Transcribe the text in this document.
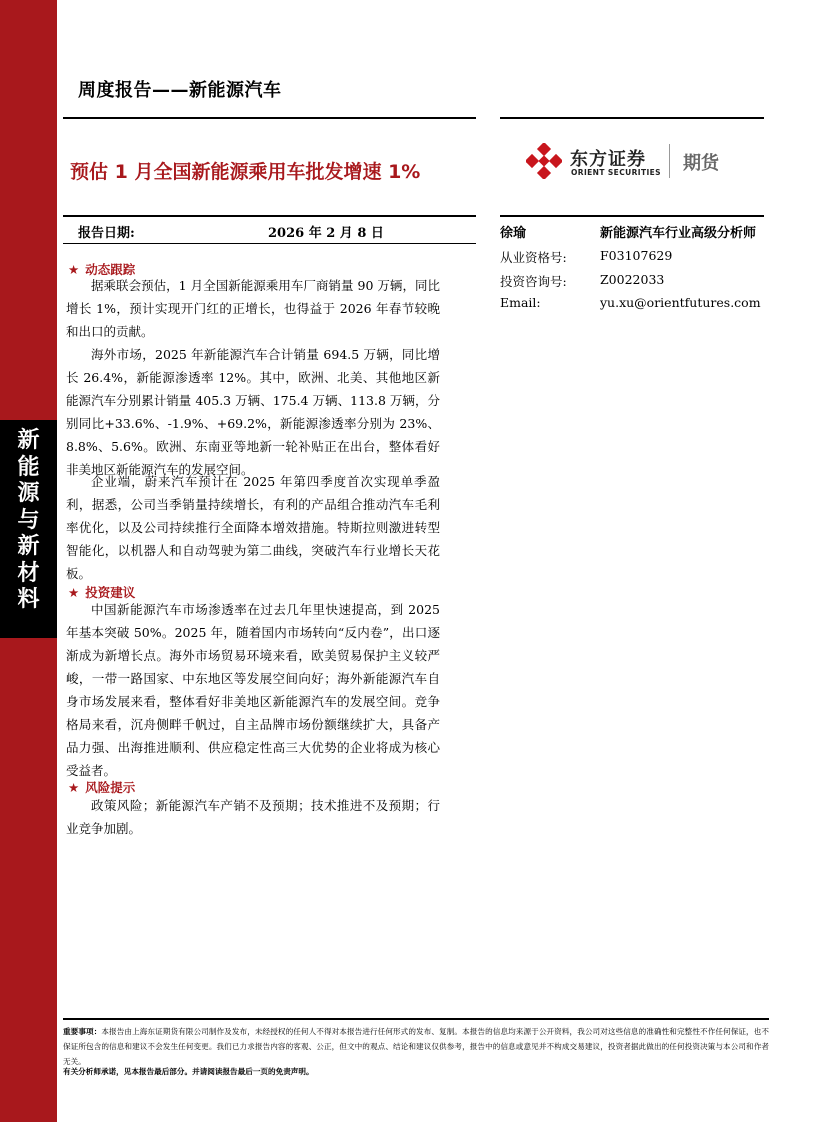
新
能
源
与
新
材
料
周度报告——新能源汽车
预估 1 月全国新能源乘用车批发增速 1%
东方证券
ORIENT SECURITIES 期货
报告日期:	2026 年 2 月 8 日	徐瑜	新能源汽车行业高级分析师
从业资格号:	F03107629
投资咨询号:	Z0022033
Email:	yu.xu@orientfutures.com
★ 动态跟踪
据乘联会预估，1 月全国新能源乘用车厂商销量 90 万辆，同比增长 1%，预计实现开门红的正增长，也得益于 2026 年春节较晚和出口的贡献。
海外市场，2025 年新能源汽车合计销量 694.5 万辆，同比增长 26.4%，新能源渗透率 12%。其中，欧洲、北美、其他地区新能源汽车分别累计销量 405.3 万辆、175.4 万辆、113.8 万辆，分别同比+33.6%、-1.9%、+69.2%，新能源渗透率分别为 23%、8.8%、5.6%。欧洲、东南亚等地新一轮补贴正在出台，整体看好非美地区新能源汽车的发展空间。
企业端，蔚来汽车预计在 2025 年第四季度首次实现单季盈利，据悉，公司当季销量持续增长，有利的产品组合推动汽车毛利率优化，以及公司持续推行全面降本增效措施。特斯拉则激进转型智能化，以机器人和自动驾驶为第二曲线，突破汽车行业增长天花板。
★ 投资建议
中国新能源汽车市场渗透率在过去几年里快速提高，到 2025 年基本突破 50%。2025 年，随着国内市场转向“反内卷”，出口逐渐成为新增长点。海外市场贸易环境来看，欧美贸易保护主义较严峻，一带一路国家、中东地区等发展空间向好；海外新能源汽车自身市场发展来看，整体看好非美地区新能源汽车的发展空间。竞争格局来看，沉舟侧畔千帆过，自主品牌市场份额继续扩大，具备产品力强、出海推进顺利、供应稳定性高三大优势的企业将成为核心受益者。
★ 风险提示
政策风险；新能源汽车产销不及预期；技术推进不及预期；行业竞争加剧。
重要事项：本报告由上海东证期货有限公司制作及发布，未经授权的任何人不得对本报告进行任何形式的发布、复制。本报告的信息均来源于公开资料，我公司对这些信息的准确性和完整性不作任何保证，也不保证所包含的信息和建议不会发生任何变更。我们已力求报告内容的客观、公正，但文中的观点、结论和建议仅供参考，报告中的信息或意见并不构成交易建议，投资者据此做出的任何投资决策与本公司和作者无关。
有关分析师承诺，见本报告最后部分。并请阅读报告最后一页的免责声明。
